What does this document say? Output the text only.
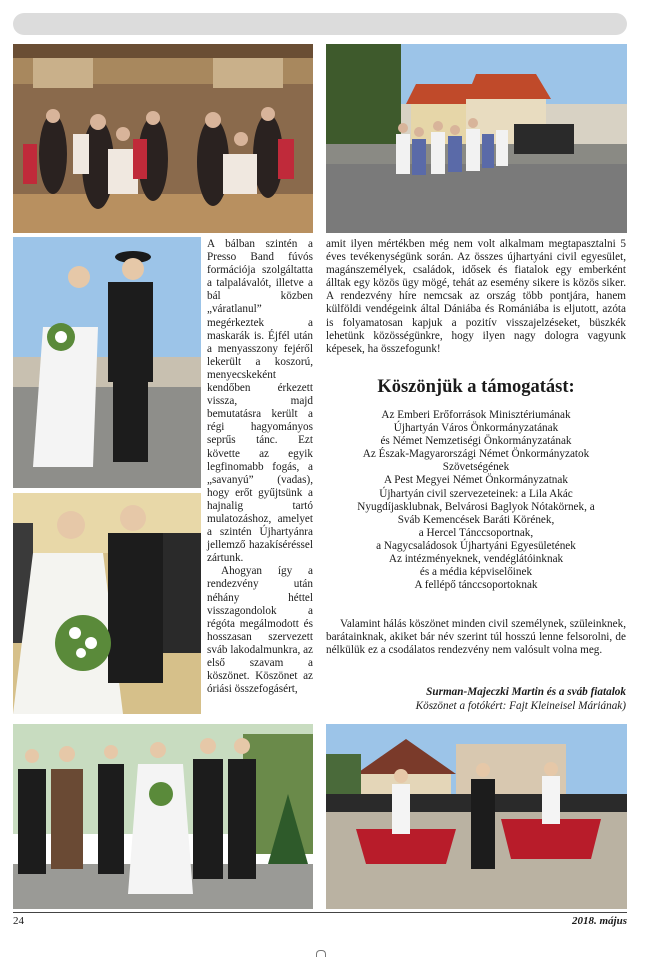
A bálban szintén a Presso Band fúvós formációja szolgáltatta a talpalávalót, illetve a bál közben „váratlanul” megérkeztek a maskarák is. Éjfél után a menyasszony fejéről lekerült a koszorú, menyecskeként kendőben érkezett vissza, majd bemutatásra került a régi hagyományos seprűs tánc. Ezt követte az egyik legfinomabb fogás, a „savanyú” (vadas), hogy erőt gyűjtsünk a hajnalig tartó mulatozáshoz, amelyet a szintén Újhartyánra jellemző hazakíséréssel zártunk.

Ahogyan így a rendezvény után néhány héttel visszagondolok a régóta megálmodott és hosszasan szervezett sváb lakodalmunkra, az első szavam a köszönet. Köszönet az óriási összefogásért,

amit ilyen mértékben még nem volt alkalmam megtapasztalni 5 éves tevékenységünk során. Az összes újhartyáni civil egyesület, magánszemélyek, családok, idősek és fiatalok egy emberként álltak egy közös ügy mögé, tehát az esemény sikere is közös siker. A rendezvény híre nemcsak az ország több pontjára, hanem külföldi vendégeink által Dániába és Romániába is eljutott, azóta is folyamatosan kapjuk a pozitív visszajelzéseket, büszkék lehetünk közösségünkre, hogy ilyen nagy dologra vagyunk képesek, ha összefogunk!

Köszönjük a támogatást:
Az Emberi Erőforrások Minisztériumának
Újhartyán Város Önkormányzatának
és Német Nemzetiségi Önkormányzatának
Az Észak-Magyarországi Német Önkormányzatok
Szövetségének
A Pest Megyei Német Önkormányzatnak
Újhartyán civil szervezeteinek: a Lila Akác
Nyugdíjasklubnak, Belvárosi Baglyok Nótakörnek, a
Sváb Kemencések Baráti Körének,
a Hercel Tánccsoportnak,
a Nagycsaládosok Újhartyáni Egyesületének
Az intézményeknek, vendéglátóinknak
és a média képviselőinek
A fellépő tánccsoportoknak

Valamint hálás köszönet minden civil személynek, szüleinknek, barátainknak, akiket bár név szerint túl hosszú lenne felsorolni, de nélkülük ez a csodálatos rendezvény nem valósult volna meg.

Surman-Majeczki Martin és a sváb fiatalok
Köszönet a fotókért: Fajt Kleineisel Máriának)
24	2018. május
